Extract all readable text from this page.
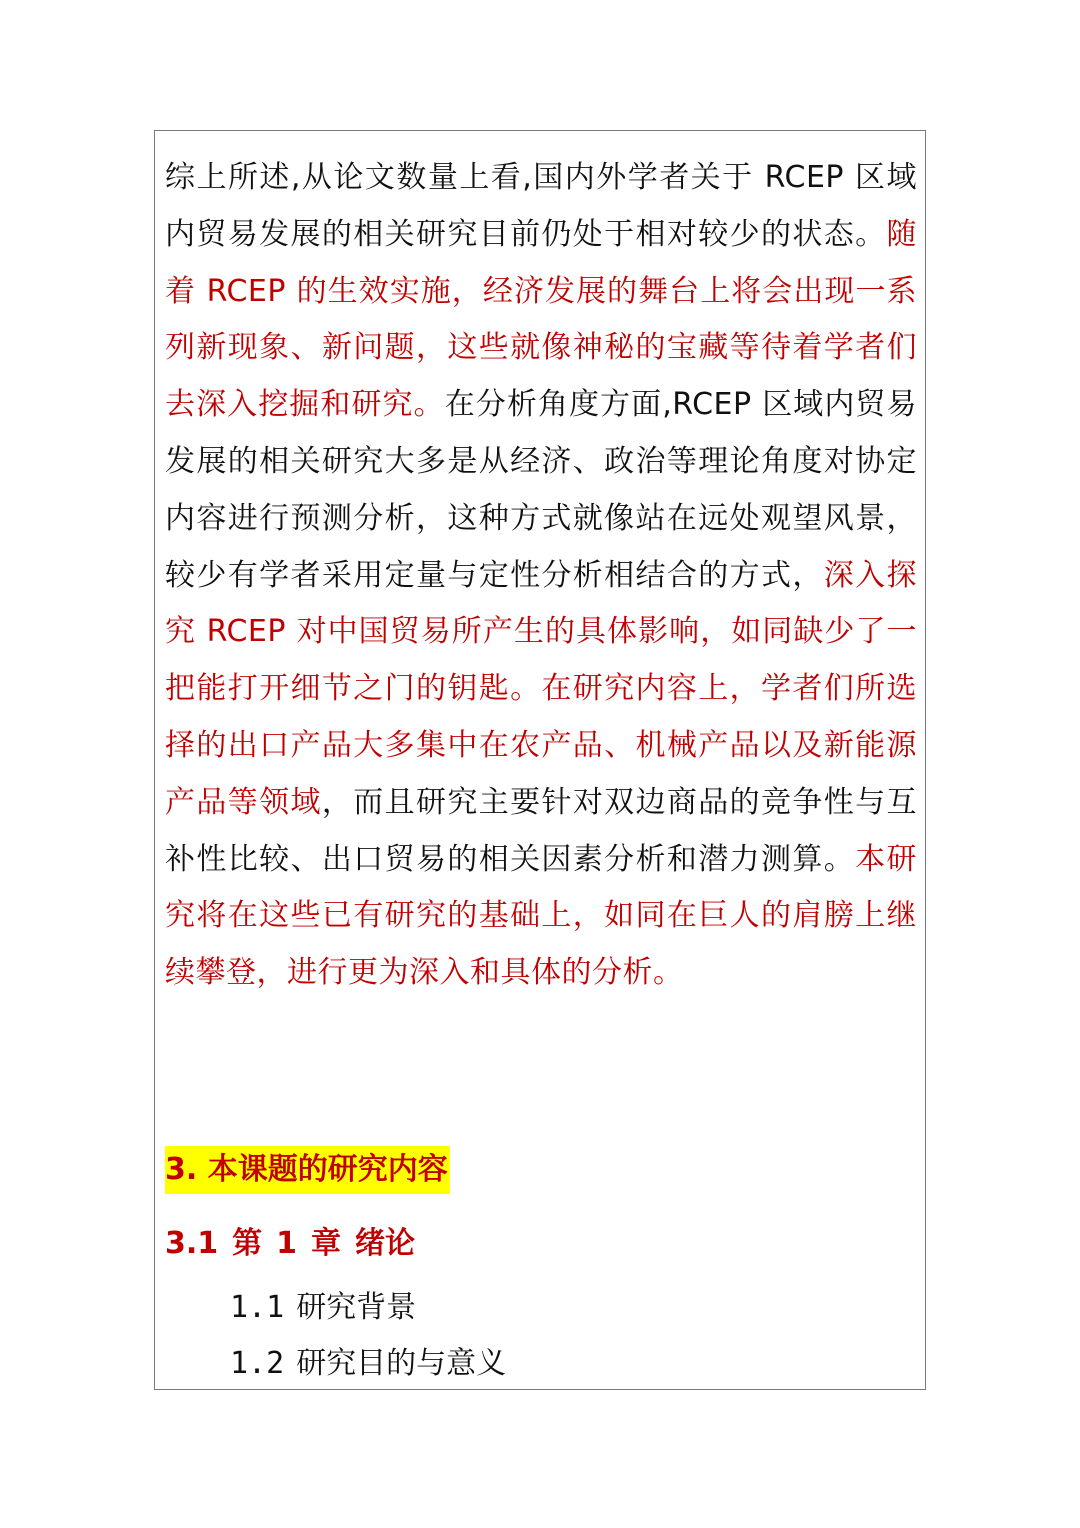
综上所述,从论文数量上看,国内外学者关于 RCEP 区域内贸易发展的相关研究目前仍处于相对较少的状态。随着 RCEP 的生效实施，经济发展的舞台上将会出现一系列新现象、新问题，这些就像神秘的宝藏等待着学者们去深入挖掘和研究。在分析角度方面,RCEP 区域内贸易发展的相关研究大多是从经济、政治等理论角度对协定内容进行预测分析，这种方式就像站在远处观望风景，较少有学者采用定量与定性分析相结合的方式，深入探究 RCEP 对中国贸易所产生的具体影响，如同缺少了一把能打开细节之门的钥匙。在研究内容上，学者们所选择的出口产品大多集中在农产品、机械产品以及新能源产品等领域，而且研究主要针对双边商品的竞争性与互补性比较、出口贸易的相关因素分析和潜力测算。本研究将在这些已有研究的基础上，如同在巨人的肩膀上继续攀登，进行更为深入和具体的分析。

3. 本课题的研究内容
3.1 第 1 章 绪论
1.1 研究背景
1.2 研究目的与意义
